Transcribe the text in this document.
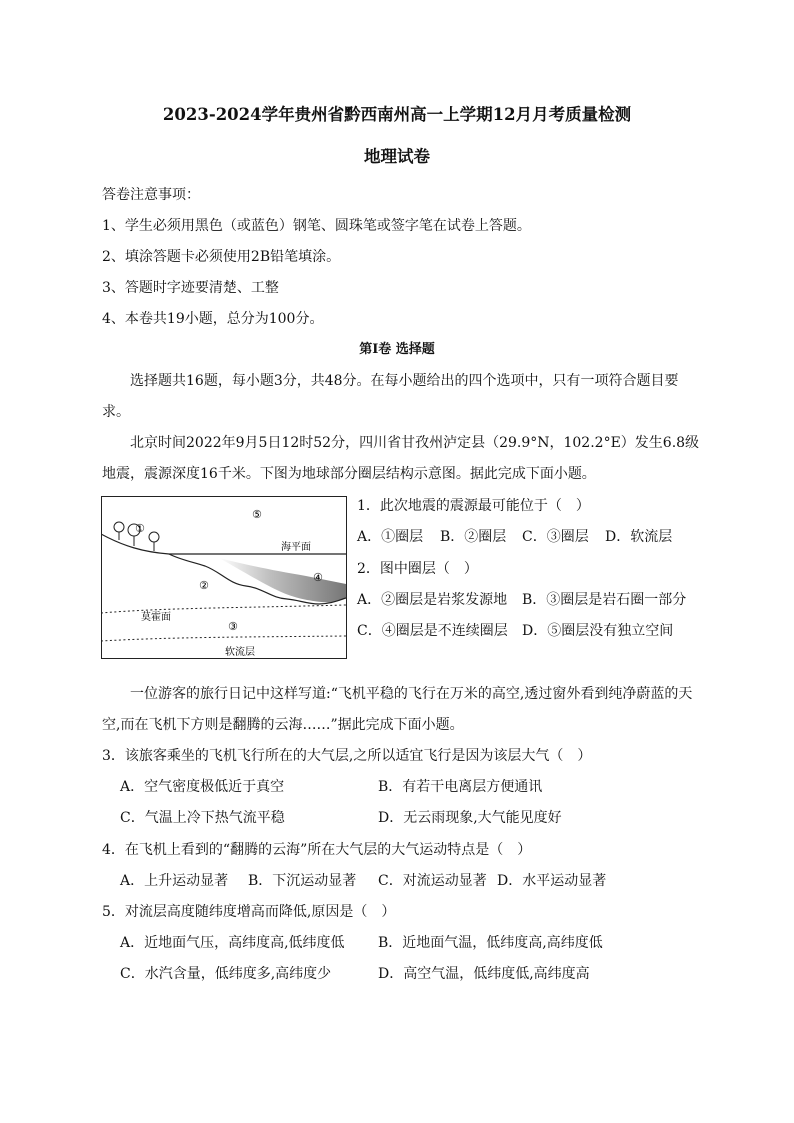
2023-2024学年贵州省黔西南州高一上学期12月月考质量检测
地理试卷
答卷注意事项：
1、学生必须用黑色（或蓝色）钢笔、圆珠笔或签字笔在试卷上答题。
2、填涂答题卡必须使用2B铅笔填涂。
3、答题时字迹要清楚、工整
4、本卷共19小题，总分为100分。
第Ⅰ卷 选择题
选择题共16题，每小题3分，共48分。在每小题给出的四个选项中，只有一项符合题目要
求。
北京时间2022年9月5日12时52分，四川省甘孜州泸定县（29.9°N，102.2°E）发生6.8级
地震，震源深度16千米。下图为地球部分圈层结构示意图。据此完成下面小题。
①
⑤
海平面
②
④
莫霍面
③
软流层
1．此次地震的震源最可能位于（　）
A．①圈层 B．②圈层 C．③圈层 D．软流层
2．图中圈层（　）
A．②圈层是岩浆发源地 B．③圈层是岩石圈一部分
C．④圈层是不连续圈层 D．⑤圈层没有独立空间
一位游客的旅行日记中这样写道:“飞机平稳的飞行在万米的高空,透过窗外看到纯净蔚蓝的天
空,而在飞机下方则是翻腾的云海……”据此完成下面小题。
3．该旅客乘坐的飞机飞行所在的大气层,之所以适宜飞行是因为该层大气（　）
A．空气密度极低近于真空	B．有若干电离层方便通讯
C．气温上冷下热气流平稳	D．无云雨现象,大气能见度好
4．在飞机上看到的“翻腾的云海”所在大气层的大气运动特点是（　）
A．上升运动显著 B．下沉运动显著 C．对流运动显著 D．水平运动显著
5．对流层高度随纬度增高而降低,原因是（　）
A．近地面气压，高纬度高,低纬度低 B．近地面气温，低纬度高,高纬度低
C．水汽含量，低纬度多,高纬度少	D．高空气温，低纬度低,高纬度高
